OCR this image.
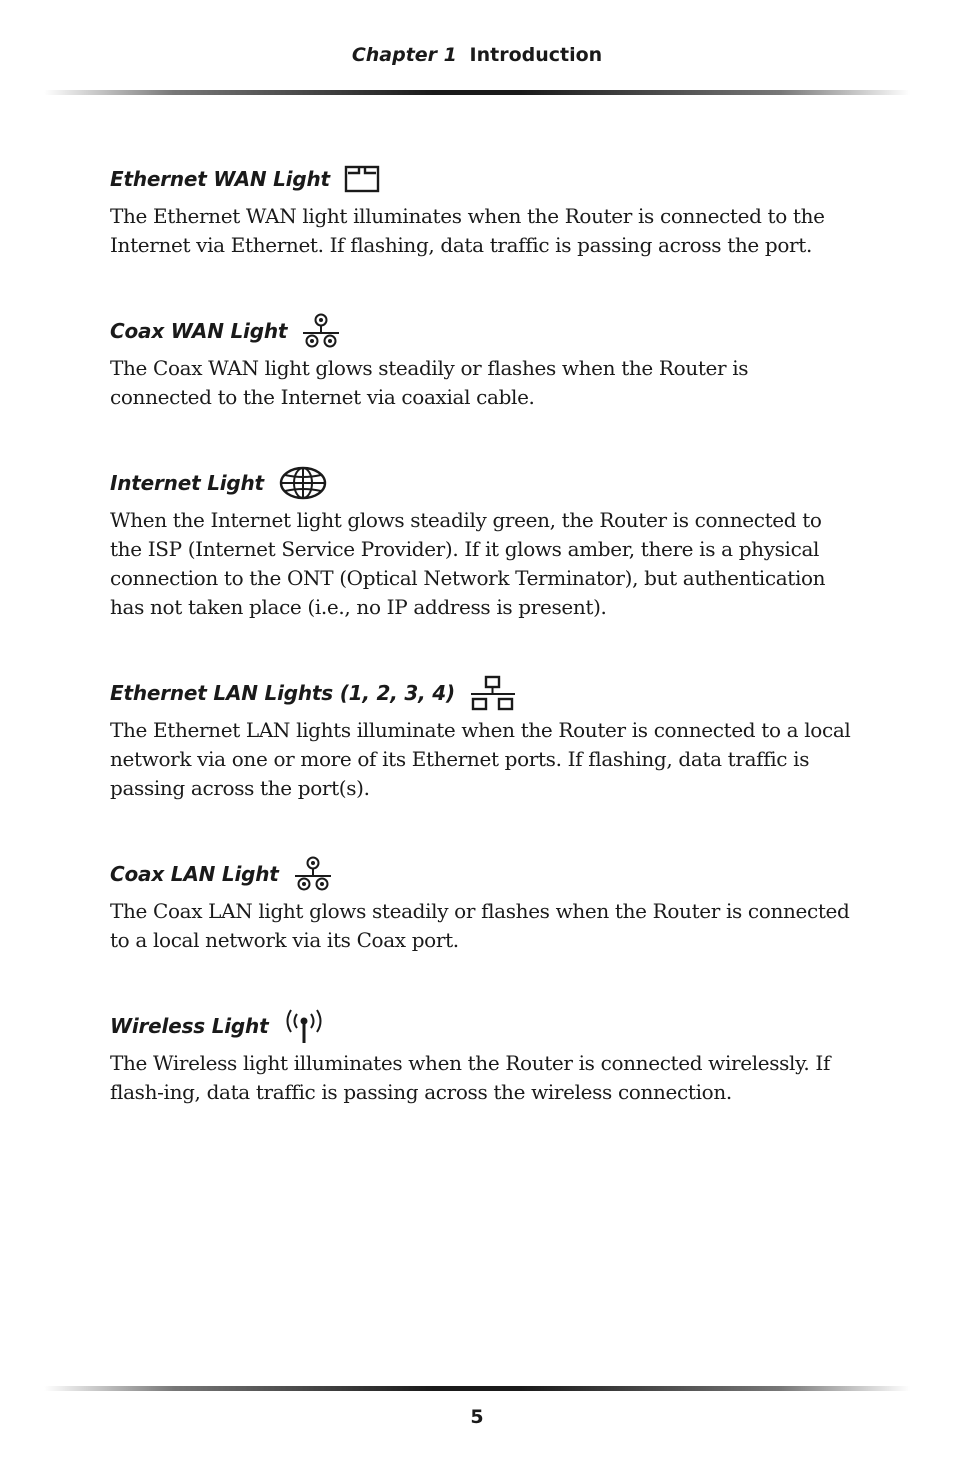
Chapter 1 Introduction
Ethernet WAN Light

The Ethernet WAN light illuminates when the Router is connected to the Internet via Ethernet. If flashing, data traffic is passing across the port.

Coax WAN Light

The Coax WAN light glows steadily or flashes when the Router is connected to the Internet via coaxial cable.

Internet Light

When the Internet light glows steadily green, the Router is connected to the ISP (Internet Service Provider). If it glows amber, there is a physical connection to the ONT (Optical Network Terminator), but authentication has not taken place (i.e., no IP address is present).

Ethernet LAN Lights (1, 2, 3, 4)

The Ethernet LAN lights illuminate when the Router is connected to a local network via one or more of its Ethernet ports. If flashing, data traffic is passing across the port(s).

Coax LAN Light

The Coax LAN light glows steadily or flashes when the Router is connected to a local network via its Coax port.

Wireless Light

The Wireless light illuminates when the Router is connected wirelessly. If flash-ing, data traffic is passing across the wireless connection.

5
